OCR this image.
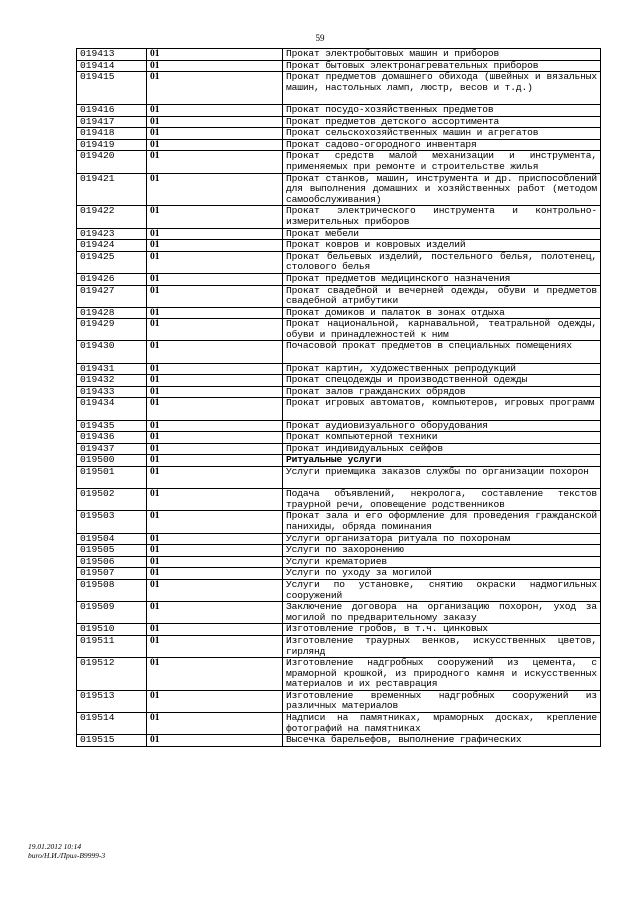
59
019413	01	Прокат электробытовых машин и приборов
019414	01	Прокат бытовых электронагревательных приборов
019415	01	Прокат предметов домашнего обихода (швейных и вязальных машин, настольных ламп, люстр, весов и т.д.)
019416	01	Прокат посудо-хозяйственных предметов
019417	01	Прокат предметов детского ассортимента
019418	01	Прокат сельскохозяйственных машин и агрегатов
019419	01	Прокат садово-огородного инвентаря
019420	01	Прокат средств малой механизации и инструмента, применяемых при ремонте и строительстве жилья
019421	01	Прокат станков, машин, инструмента и др. приспособлений для выполнения домашних и хозяйственных работ (методом самообслуживания)
019422	01	Прокат электрического инструмента и контрольно-измерительных приборов
019423	01	Прокат мебели
019424	01	Прокат ковров и ковровых изделий
019425	01	Прокат бельевых изделий, постельного белья, полотенец, столового белья
019426	01	Прокат предметов медицинского назначения
019427	01	Прокат свадебной и вечерней одежды, обуви и предметов свадебной атрибутики
019428	01	Прокат домиков и палаток в зонах отдыха
019429	01	Прокат национальной, карнавальной, театральной одежды, обуви и принадлежностей к ним
019430	01	Почасовой прокат предметов в специальных помещениях
019431	01	Прокат картин, художественных репродукций
019432	01	Прокат спецодежды и производственной одежды
019433	01	Прокат залов гражданских обрядов
019434	01	Прокат игровых автоматов, компьютеров, игровых программ
019435	01	Прокат аудиовизуального оборудования
019436	01	Прокат компьютерной техники
019437	01	Прокат индивидуальных сейфов
019500	01	Ритуальные услуги
019501	01	Услуги приемщика заказов службы по организации похорон
019502	01	Подача объявлений, некролога, составление текстов траурной речи, оповещение родственников
019503	01	Прокат зала и его оформление для проведения гражданской панихиды, обряда поминания
019504	01	Услуги организатора ритуала по похоронам
019505	01	Услуги по захоронению
019506	01	Услуги крематориев
019507	01	Услуги по уходу за могилой
019508	01	Услуги по установке, снятию окраски надмогильных сооружений
019509	01	Заключение договора на организацию похорон, уход за могилой по предварительному заказу
019510	01	Изготовление гробов, в т.ч. цинковых
019511	01	Изготовление траурных венков, искусственных цветов, гирлянд
019512	01	Изготовление надгробных сооружений из цемента, с мраморной крошкой, из природного камня и искусственных материалов и их реставрация
019513	01	Изготовление временных надгробных сооружений из различных материалов
019514	01	Надписи на памятниках, мраморных досках, крепление фотографий на памятниках
019515	01	Высечка барельефов, выполнение графических
19.01.2012 10:14
buro/Н.И./Прил-В9999-3
